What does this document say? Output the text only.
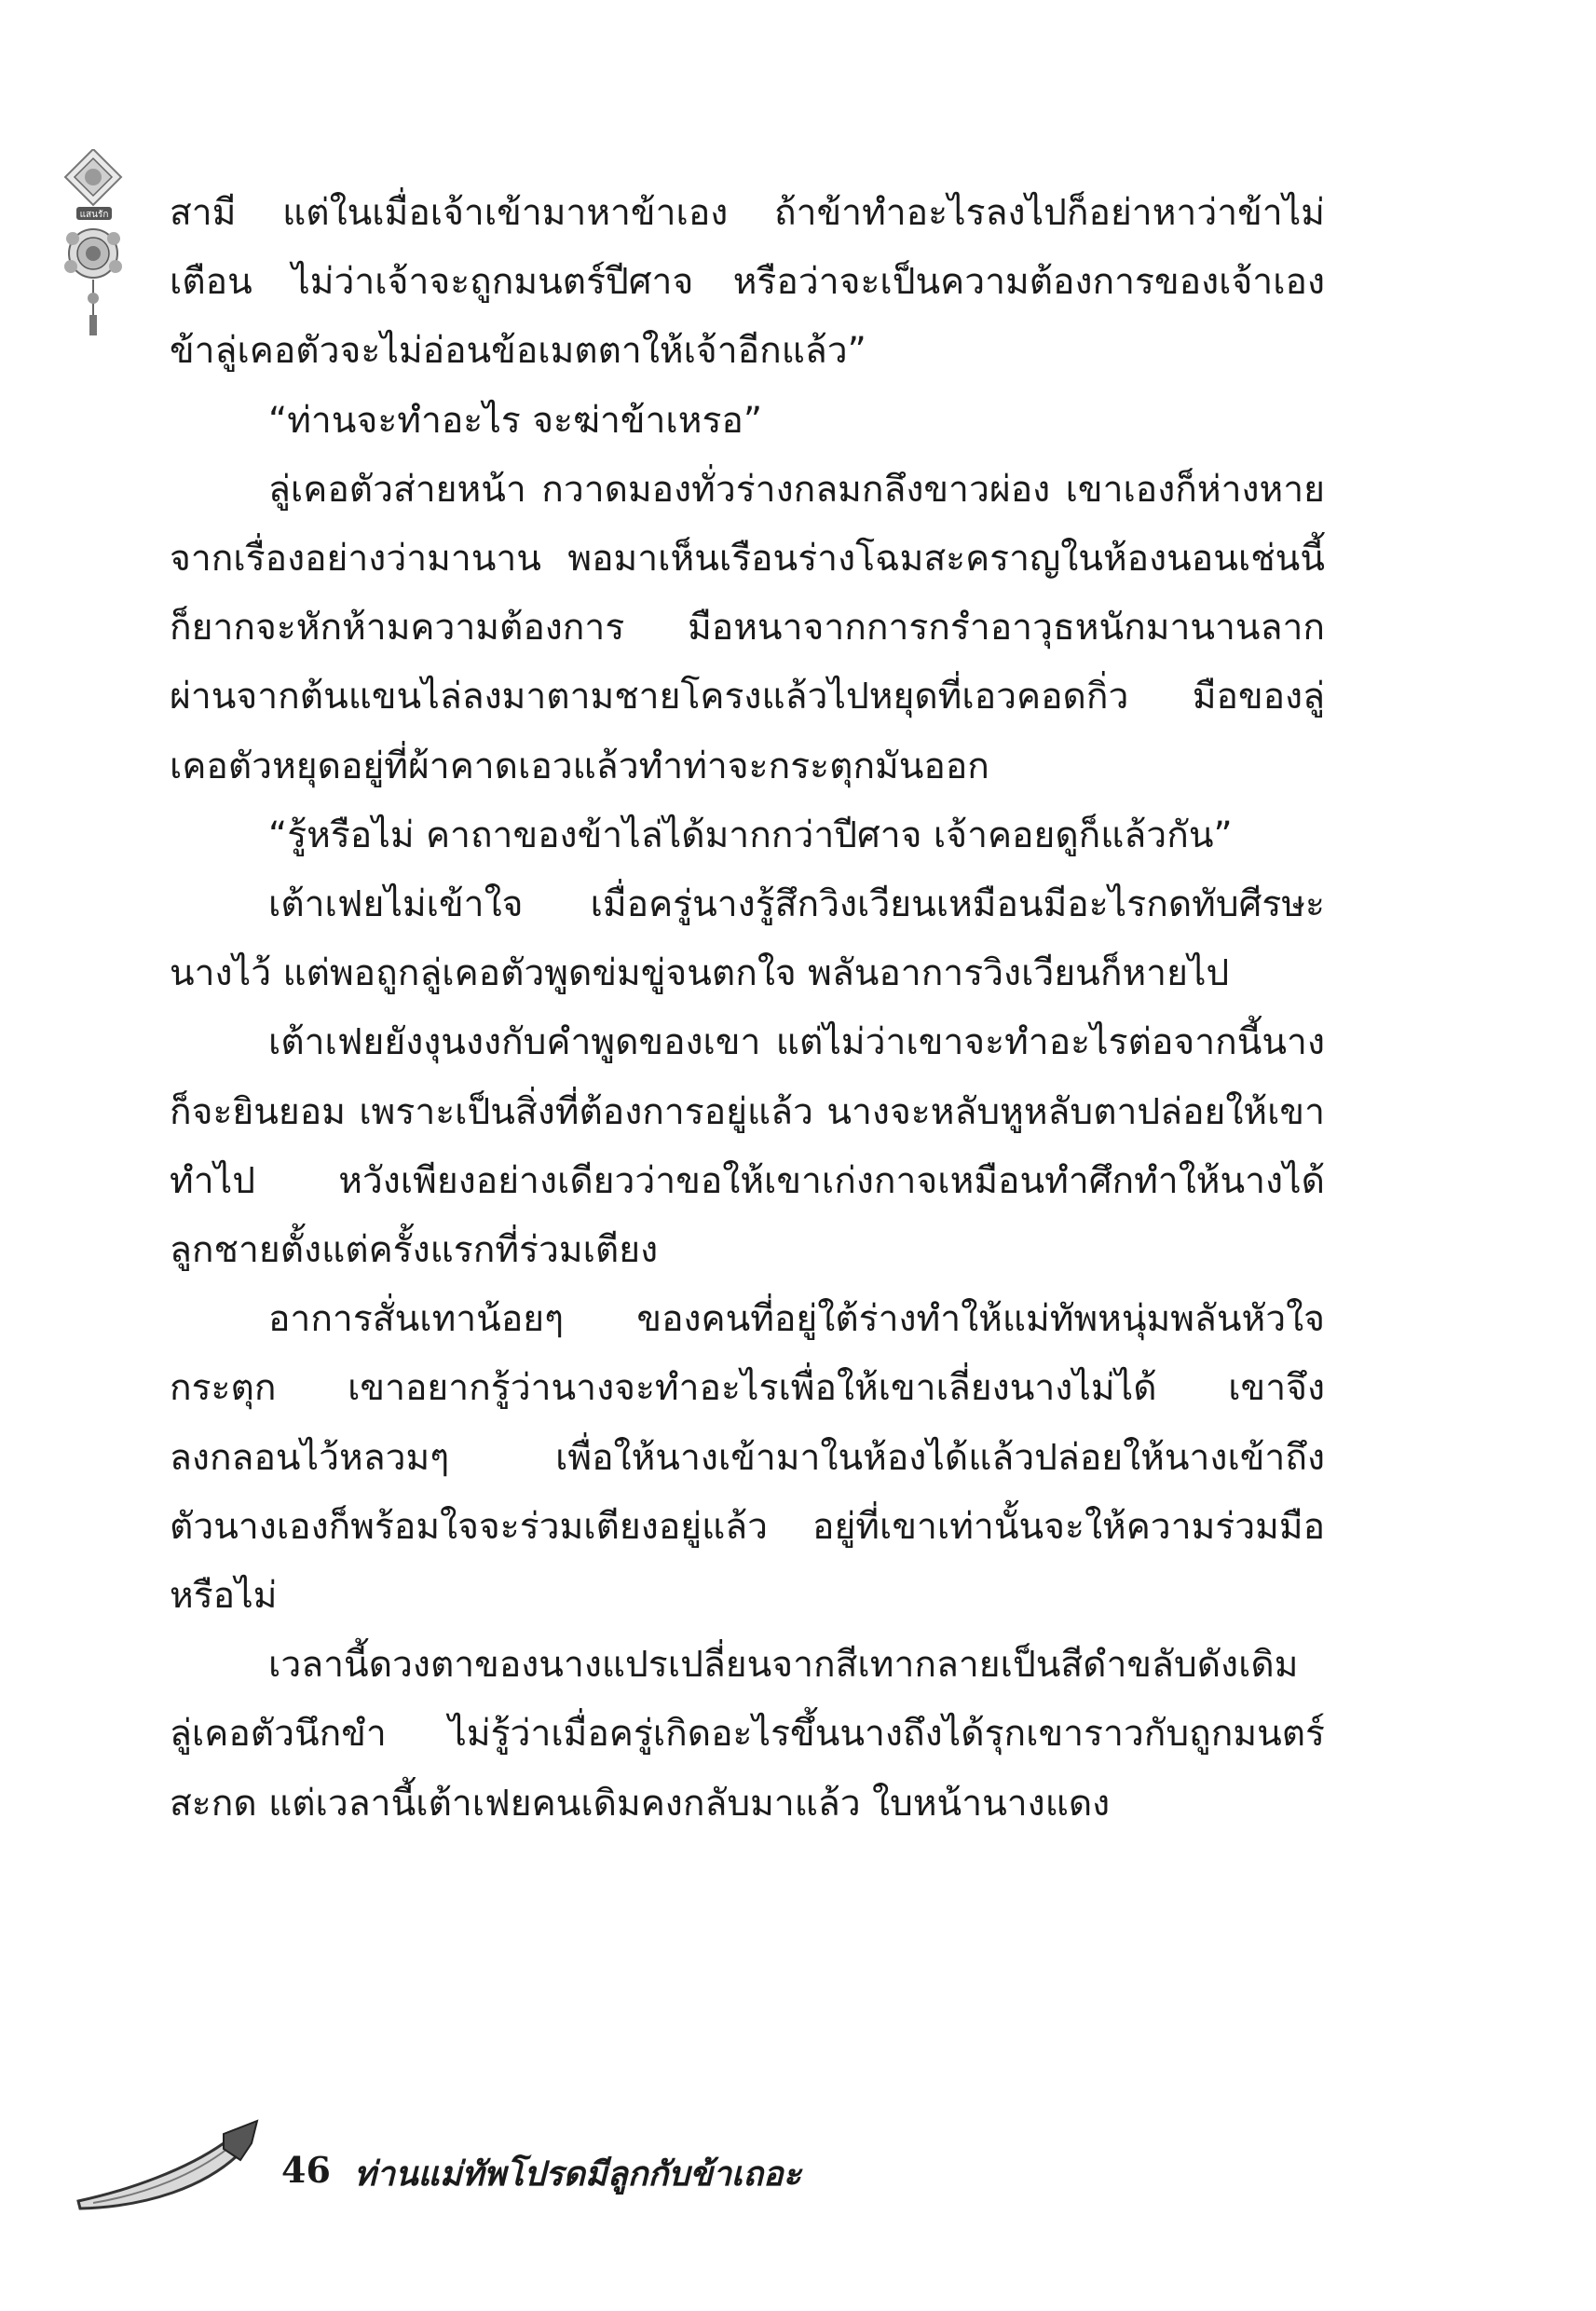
แสนรัก สามี แต่ในเมื่อเจ้าเข้ามาหาข้าเอง ถ้าข้าทำอะไรลงไปก็อย่าหาว่าข้าไม่เตือน ไม่ว่าเจ้าจะถูกมนตร์ปีศาจ หรือว่าจะเป็นความต้องการของเจ้าเอง ข้าลู่เคอตัวจะไม่อ่อนข้อเมตตาให้เจ้าอีกแล้ว”

“ท่านจะทำอะไร จะฆ่าข้าเหรอ”

ลู่เคอตัวส่ายหน้า กวาดมองทั่วร่างกลมกลึงขาวผ่อง เขาเองก็ห่างหายจากเรื่องอย่างว่ามานาน พอมาเห็นเรือนร่างโฉมสะคราญในห้องนอนเช่นนี้ก็ยากจะหักห้ามความต้องการ มือหนาจากการกรำอาวุธหนักมานานลากผ่านจากต้นแขนไล่ลงมาตามชายโครงแล้วไปหยุดที่เอวคอดกิ่ว มือของลู่เคอตัวหยุดอยู่ที่ผ้าคาดเอวแล้วทำท่าจะกระตุกมันออก

“รู้หรือไม่ คาถาของข้าไล่ได้มากกว่าปีศาจ เจ้าคอยดูก็แล้วกัน”

เต้าเฟยไม่เข้าใจ เมื่อครู่นางรู้สึกวิงเวียนเหมือนมีอะไรกดทับศีรษะนางไว้ แต่พอถูกลู่เคอตัวพูดข่มขู่จนตกใจ พลันอาการวิงเวียนก็หายไป

เต้าเฟยยังงุนงงกับคำพูดของเขา แต่ไม่ว่าเขาจะทำอะไรต่อจากนี้นางก็จะยินยอม เพราะเป็นสิ่งที่ต้องการอยู่แล้ว นางจะหลับหูหลับตาปล่อยให้เขาทำไป หวังเพียงอย่างเดียวว่าขอให้เขาเก่งกาจเหมือนทำศึกทำให้นางได้ลูกชายตั้งแต่ครั้งแรกที่ร่วมเตียง

อาการสั่นเทาน้อยๆ ของคนที่อยู่ใต้ร่างทำให้แม่ทัพหนุ่มพลันหัวใจกระตุก เขาอยากรู้ว่านางจะทำอะไรเพื่อให้เขาเลี่ยงนางไม่ได้ เขาจึงลงกลอนไว้หลวมๆ เพื่อให้นางเข้ามาในห้องได้แล้วปล่อยให้นางเข้าถึงตัวนางเองก็พร้อมใจจะร่วมเตียงอยู่แล้ว อยู่ที่เขาเท่านั้นจะให้ความร่วมมือหรือไม่

เวลานี้ดวงตาของนางแปรเปลี่ยนจากสีเทากลายเป็นสีดำขลับดังเดิม ลู่เคอตัวนึกขำ ไม่รู้ว่าเมื่อครู่เกิดอะไรขึ้นนางถึงได้รุกเขาราวกับถูกมนตร์สะกด แต่เวลานี้เต้าเฟยคนเดิมคงกลับมาแล้ว ใบหน้านางแดง

46 ท่านแม่ทัพโปรดมีลูกกับข้าเถอะ
